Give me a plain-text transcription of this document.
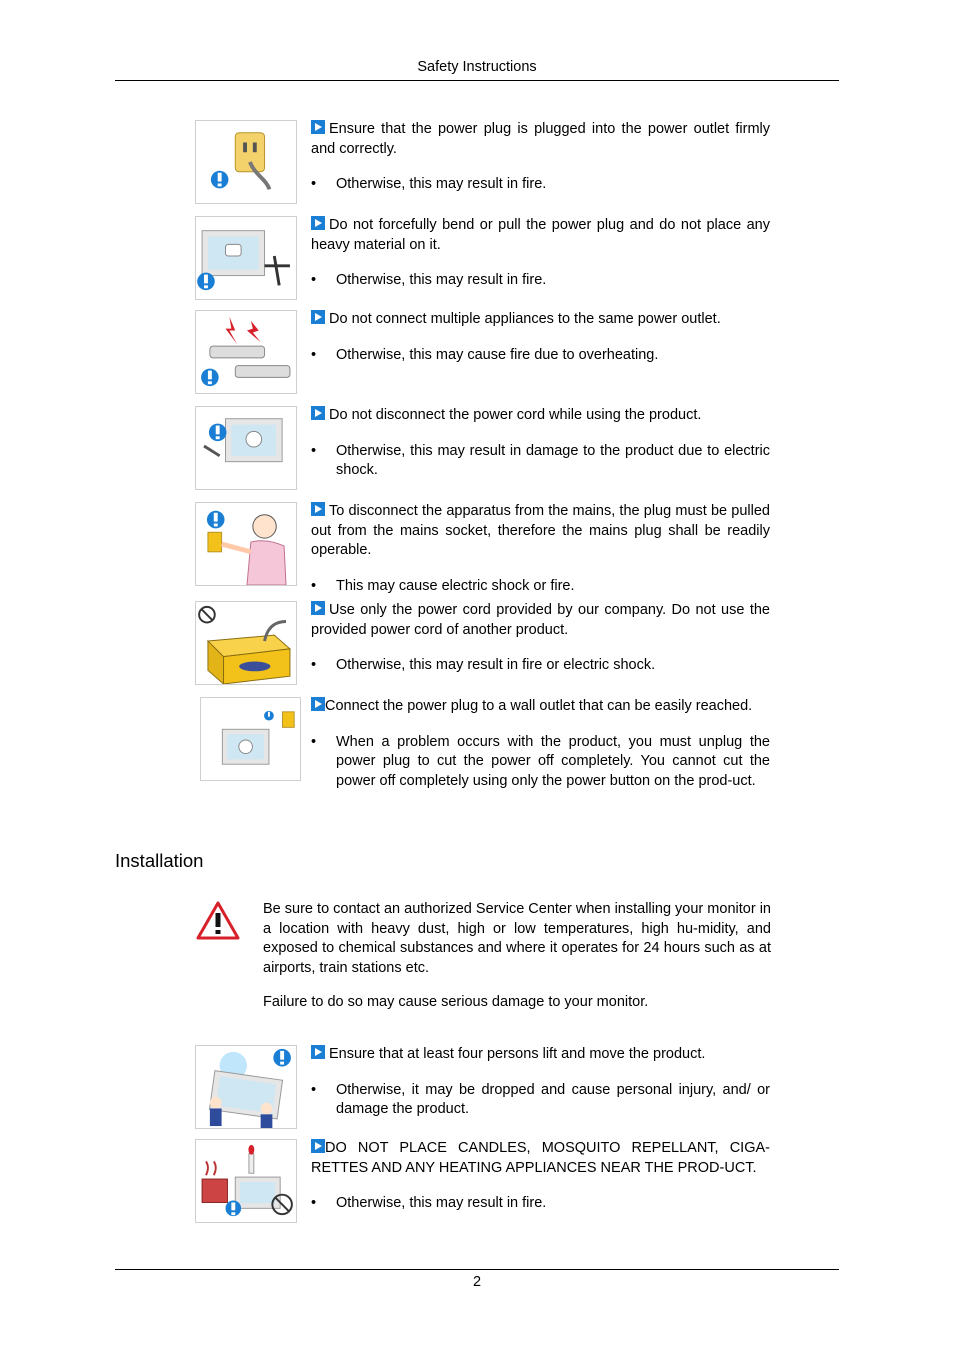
Safety Instructions

Ensure that the power plug is plugged into the power outlet firmly and correctly.

• Otherwise, this may result in fire.

Do not forcefully bend or pull the power plug and do not place any heavy material on it.

• Otherwise, this may result in fire.

Do not connect multiple appliances to the same power outlet.

• Otherwise, this may cause fire due to overheating.

Do not disconnect the power cord while using the product.

• Otherwise, this may result in damage to the product due to electric shock.

To disconnect the apparatus from the mains, the plug must be pulled out from the mains socket, therefore the mains plug shall be readily operable.

• This may cause electric shock or fire.

Use only the power cord provided by our company. Do not use the provided power cord of another product.

• Otherwise, this may result in fire or electric shock.

Connect the power plug to a wall outlet that can be easily reached.

• When a problem occurs with the product, you must unplug the power plug to cut the power off completely. You cannot cut the power off completely using only the power button on the prod-uct.

Installation

Be sure to contact an authorized Service Center when installing your monitor in a location with heavy dust, high or low temperatures, high hu-midity, and exposed to chemical substances and where it operates for 24 hours such as at airports, train stations etc.

Failure to do so may cause serious damage to your monitor.

Ensure that at least four persons lift and move the product.

• Otherwise, it may be dropped and cause personal injury, and/ or damage the product.

DO NOT PLACE CANDLES, MOSQUITO REPELLANT, CIGA-RETTES AND ANY HEATING APPLIANCES NEAR THE PROD-UCT.

• Otherwise, this may result in fire.

2
